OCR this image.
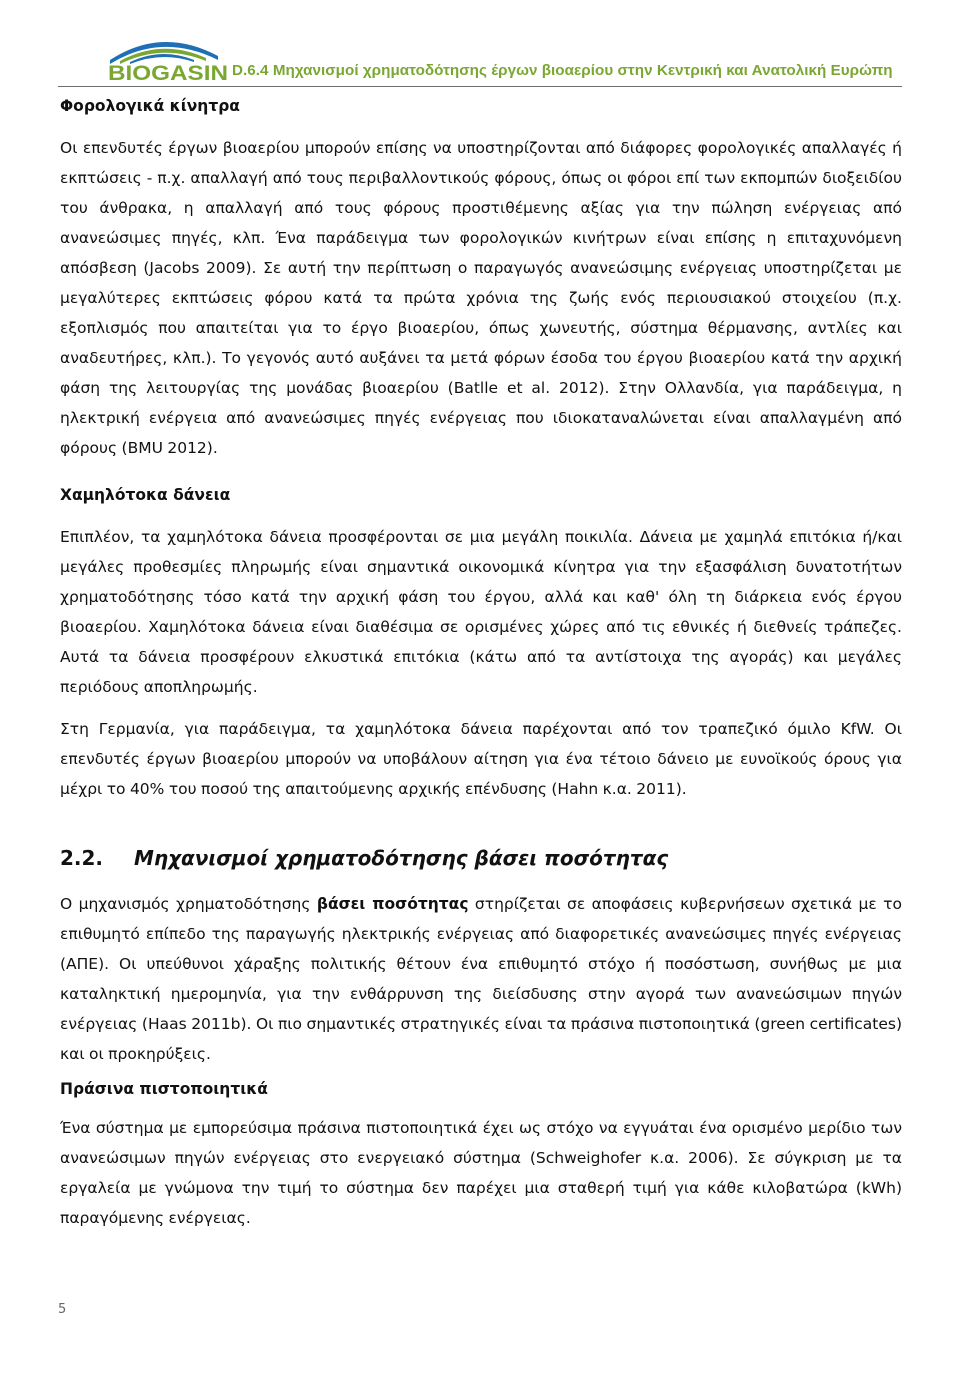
BIOGASIN D.6.4 Μηχανισμοί χρηματοδότησης έργων βιοαερίου στην Κεντρική και Ανατολική Ευρώπη
Φορολογικά κίνητρα

Οι επενδυτές έργων βιοαερίου μπορούν επίσης να υποστηρίζονται από διάφορες φορολογικές απαλλαγές ή εκπτώσεις - π.χ. απαλλαγή από τους περιβαλλοντικούς φόρους, όπως οι φόροι επί των εκπομπών διοξειδίου του άνθρακα, η απαλλαγή από τους φόρους προστιθέμενης αξίας για την πώληση ενέργειας από ανανεώσιμες πηγές, κλπ. Ένα παράδειγμα των φορολογικών κινήτρων είναι επίσης η επιταχυνόμενη απόσβεση (Jacobs 2009). Σε αυτή την περίπτωση ο παραγωγός ανανεώσιμης ενέργειας υποστηρίζεται με μεγαλύτερες εκπτώσεις φόρου κατά τα πρώτα χρόνια της ζωής ενός περιουσιακού στοιχείου (π.χ. εξοπλισμός που απαιτείται για το έργο βιοαερίου, όπως χωνευτής, σύστημα θέρμανσης, αντλίες και αναδευτήρες, κλπ.). Το γεγονός αυτό αυξάνει τα μετά φόρων έσοδα του έργου βιοαερίου κατά την αρχική φάση της λειτουργίας της μονάδας βιοαερίου (Batlle et al. 2012). Στην Ολλανδία, για παράδειγμα, η ηλεκτρική ενέργεια από ανανεώσιμες πηγές ενέργειας που ιδιοκαταναλώνεται είναι απαλλαγμένη από φόρους (BMU 2012).

Χαμηλότοκα δάνεια

Επιπλέον, τα χαμηλότοκα δάνεια προσφέρονται σε μια μεγάλη ποικιλία. Δάνεια με χαμηλά επιτόκια ή/και μεγάλες προθεσμίες πληρωμής είναι σημαντικά οικονομικά κίνητρα για την εξασφάλιση δυνατοτήτων χρηματοδότησης τόσο κατά την αρχική φάση του έργου, αλλά και καθ' όλη τη διάρκεια ενός έργου βιοαερίου. Χαμηλότοκα δάνεια είναι διαθέσιμα σε ορισμένες χώρες από τις εθνικές ή διεθνείς τράπεζες. Αυτά τα δάνεια προσφέρουν ελκυστικά επιτόκια (κάτω από τα αντίστοιχα της αγοράς) και μεγάλες περιόδους αποπληρωμής.

Στη Γερμανία, για παράδειγμα, τα χαμηλότοκα δάνεια παρέχονται από τον τραπεζικό όμιλο KfW. Οι επενδυτές έργων βιοαερίου μπορούν να υποβάλουν αίτηση για ένα τέτοιο δάνειο με ευνοϊκούς όρους για μέχρι το 40% του ποσού της απαιτούμενης αρχικής επένδυσης (Hahn κ.α. 2011).

2.2.	Μηχανισμοί χρηματοδότησης βάσει ποσότητας

Ο μηχανισμός χρηματοδότησης βάσει ποσότητας στηρίζεται σε αποφάσεις κυβερνήσεων σχετικά με το επιθυμητό επίπεδο της παραγωγής ηλεκτρικής ενέργειας από διαφορετικές ανανεώσιμες πηγές ενέργειας (ΑΠΕ). Οι υπεύθυνοι χάραξης πολιτικής θέτουν ένα επιθυμητό στόχο ή ποσόστωση, συνήθως με μια καταληκτική ημερομηνία, για την ενθάρρυνση της διείσδυσης στην αγορά των ανανεώσιμων πηγών ενέργειας (Haas 2011b). Οι πιο σημαντικές στρατηγικές είναι τα πράσινα πιστοποιητικά (green certificates) και οι προκηρύξεις.

Πράσινα πιστοποιητικά

Ένα σύστημα με εμπορεύσιμα πράσινα πιστοποιητικά έχει ως στόχο να εγγυάται ένα ορισμένο μερίδιο των ανανεώσιμων πηγών ενέργειας στο ενεργειακό σύστημα (Schweighofer κ.α. 2006). Σε σύγκριση με τα εργαλεία με γνώμονα την τιμή το σύστημα δεν παρέχει μια σταθερή τιμή για κάθε κιλοβατώρα (kWh) παραγόμενης ενέργειας.

5
